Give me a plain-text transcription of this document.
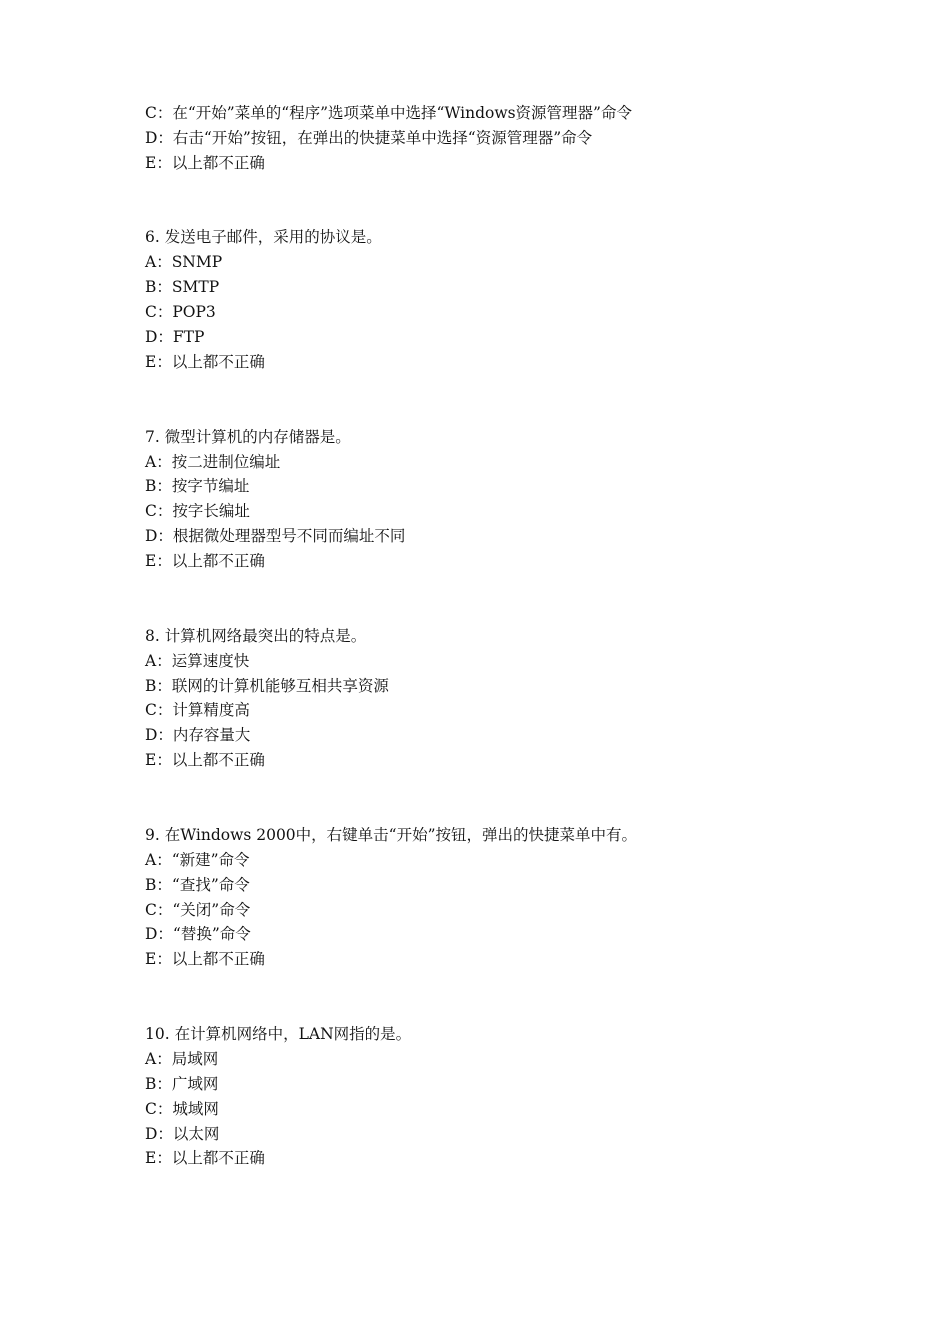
C：在“开始”菜单的“程序”选项菜单中选择“Windows资源管理器”命令
D：右击“开始”按钮，在弹出的快捷菜单中选择“资源管理器”命令
E：以上都不正确
6. 发送电子邮件，采用的协议是。
A：SNMP
B：SMTP
C：POP3
D：FTP
E：以上都不正确
7. 微型计算机的内存储器是。
A：按二进制位编址
B：按字节编址
C：按字长编址
D：根据微处理器型号不同而编址不同
E：以上都不正确
8. 计算机网络最突出的特点是。
A：运算速度快
B：联网的计算机能够互相共享资源
C：计算精度高
D：内存容量大
E：以上都不正确
9. 在Windows 2000中，右键单击“开始”按钮，弹出的快捷菜单中有。
A：“新建”命令
B：“查找”命令
C：“关闭”命令
D：“替换”命令
E：以上都不正确
10. 在计算机网络中，LAN网指的是。
A：局域网
B：广域网
C：城域网
D：以太网
E：以上都不正确
